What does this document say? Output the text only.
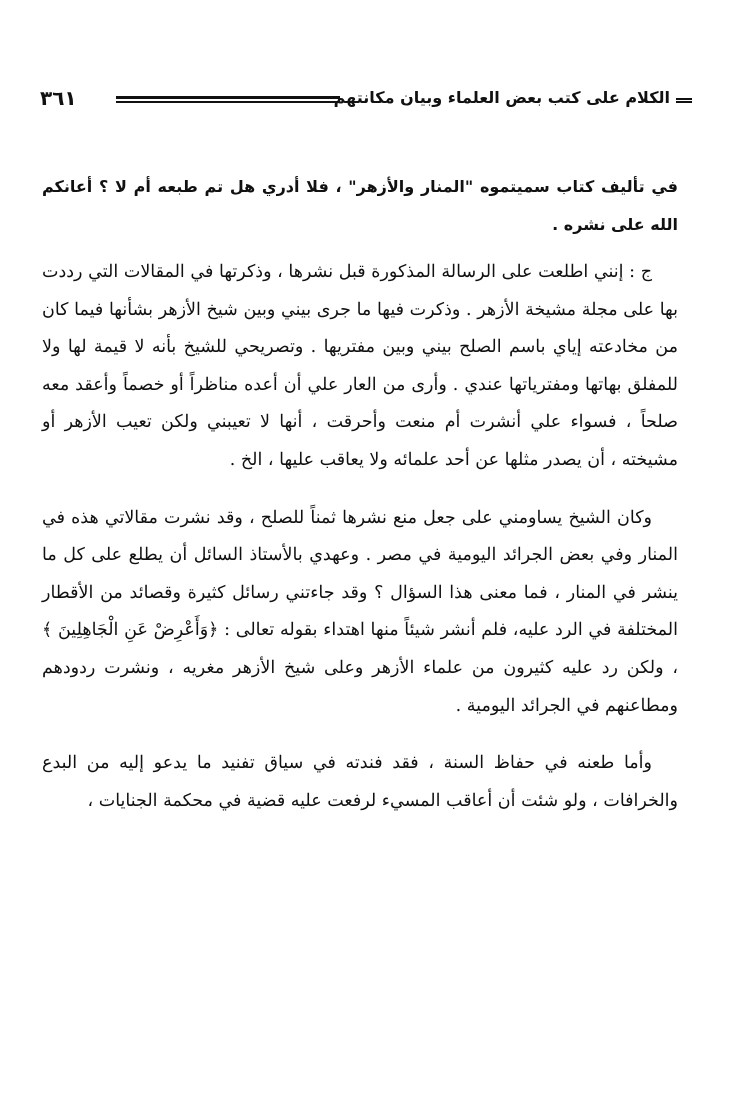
الكلام على كتب بعض العلماء وبيان مكانتهم
٣٦١

في تأليف كتاب سميتموه "المنار والأزهر" ، فلا أدري هل تم طبعه أم لا ؟ أعانكم الله على نشره .

ج : إنني اطلعت على الرسالة المذكورة قبل نشرها ، وذكرتها في المقالات التي رددت بها على مجلة مشيخة الأزهر . وذكرت فيها ما جرى بيني وبين شيخ الأزهر بشأنها فيما كان من مخادعته إياي باسم الصلح بيني وبين مفتريها . وتصريحي للشيخ بأنه لا قيمة لها ولا للمفلق بهاتها ومفترياتها عندي . وأرى من العار علي أن أعده مناظراً أو خصماً وأعقد معه صلحاً ، فسواء علي أنشرت أم منعت وأحرقت ، أنها لا تعيبني ولكن تعيب الأزهر أو مشيخته ، أن يصدر مثلها عن أحد علمائه ولا يعاقب عليها ، الخ .

وكان الشيخ يساومني على جعل منع نشرها ثمناً للصلح ، وقد نشرت مقالاتي هذه في المنار وفي بعض الجرائد اليومية في مصر . وعهدي بالأستاذ السائل أن يطلع على كل ما ينشر في المنار ، فما معنى هذا السؤال ؟ وقد جاءتني رسائل كثيرة وقصائد من الأقطار المختلفة في الرد عليه، فلم أنشر شيئاً منها اهتداء بقوله تعالى : ﴿وَأَعْرِضْ عَنِ الْجَاهِلِينَ ﴾ ، ولكن رد عليه كثيرون من علماء الأزهر وعلى شيخ الأزهر مغريه ، ونشرت ردودهم ومطاعنهم في الجرائد اليومية .

وأما طعنه في حفاظ السنة ، فقد فندته في سياق تفنيد ما يدعو إليه من البدع والخرافات ، ولو شئت أن أعاقب المسيء لرفعت عليه قضية في محكمة الجنايات ،
